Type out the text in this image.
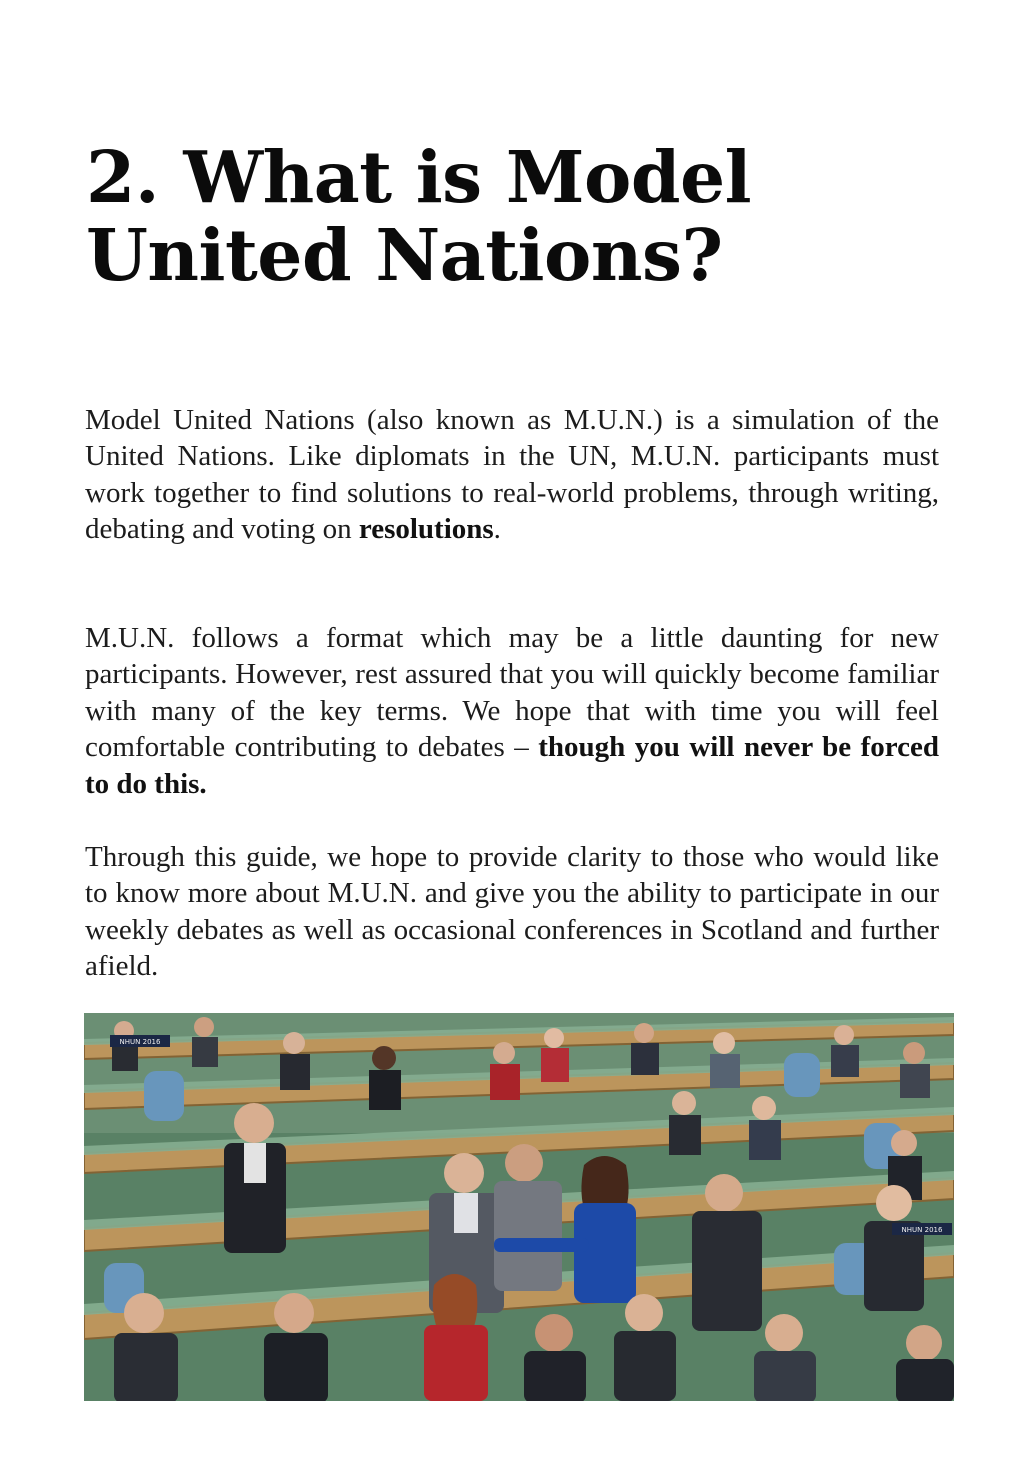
2. What is Model
United Nations?

Model United Nations (also known as M.U.N.) is a simulation of the United Nations. Like diplomats in the UN, M.U.N. participants must work together to find solutions to real-world problems, through writing, debating and voting on resolutions.

M.U.N. follows a format which may be a little daunting for new participants. However, rest assured that you will quickly become familiar with many of the key terms. We hope that with time you will feel comfortable contributing to debates – though you will never be forced to do this.

Through this guide, we hope to provide clarity to those who would like to know more about M.U.N. and give you the ability to participate in our weekly debates as well as occasional conferences in Scotland and further afield.

NHUN 2016
NHUN 2016
